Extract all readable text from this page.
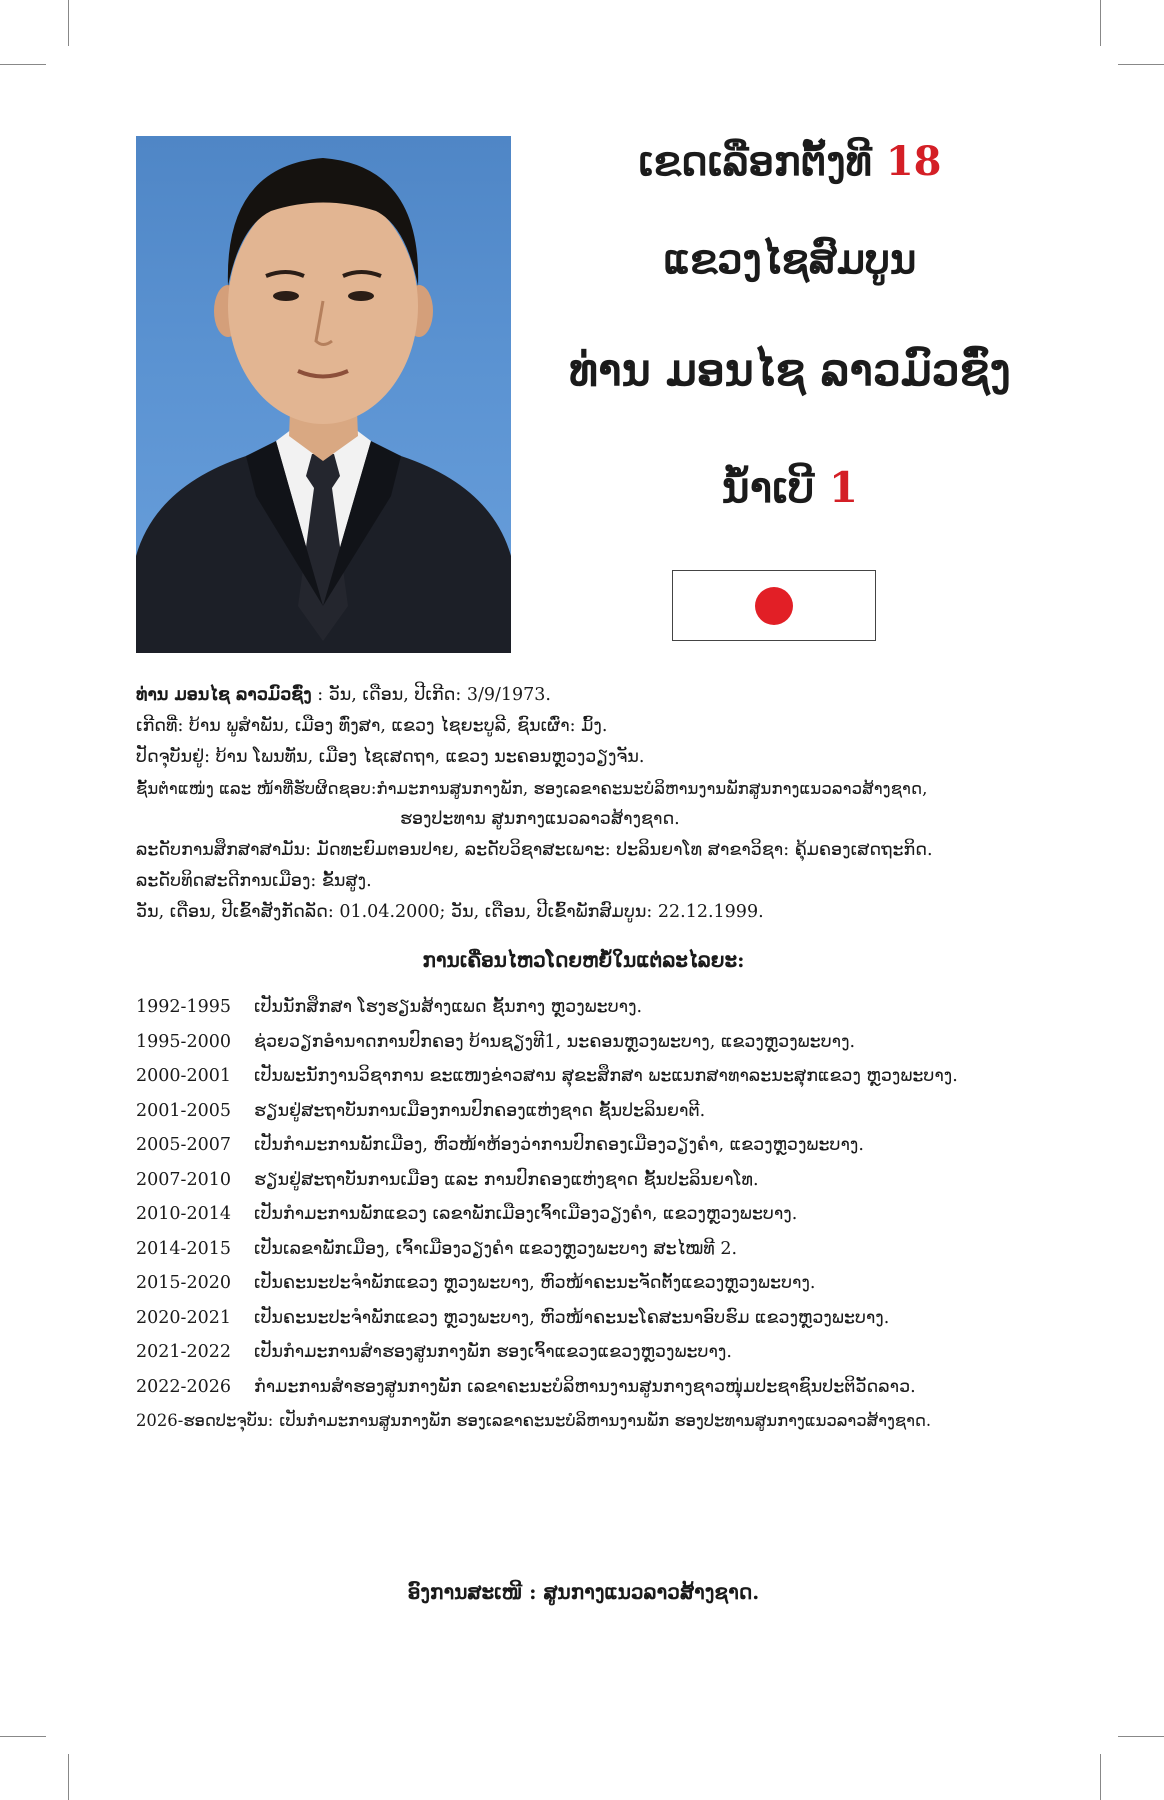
ເຂດເລືອກຕັ້ງທີ 18
ແຂວງໄຊສົມບູນ
ທ່ານ ມອນໄຊ ລາວມົວຊົ່ງ
ນໍ້າເບີ 1
ທ່ານ ມອນໄຊ ລາວມົວຊົ່ງ : ວັນ, ເດືອນ, ປີເກີດ: 3/9/1973.
ເກີດທີ່: ບ້ານ ພູສໍາພັນ, ເມືອງ ທົ່ງສາ, ແຂວງ ໄຊຍະບູລີ, ຊົນເຜົ່າ: ມົ້ງ.
ປັດຈຸບັນຢູ່: ບ້ານ ໂພນທັນ, ເມືອງ ໄຊເສດຖາ, ແຂວງ ນະຄອນຫຼວງວຽງຈັນ.
ຊັ້ນຕໍາແໜ່ງ ແລະ ໜ້າທີ່ຮັບຜິດຊອບ:ກໍາມະການສູນກາງພັກ, ຮອງເລຂາຄະນະບໍລິຫານງານພັກສູນກາງແນວລາວສ້າງຊາດ,
ຮອງປະທານ ສູນກາງແນວລາວສ້າງຊາດ.
ລະດັບການສຶກສາສາມັນ: ມັດທະຍົມຕອນປາຍ, ລະດັບວິຊາສະເພາະ: ປະລິນຍາໂທ ສາຂາວິຊາ: ຄຸ້ມຄອງເສດຖະກິດ.
ລະດັບທິດສະດີການເມືອງ: ຂັ້ນສູງ.
ວັນ, ເດືອນ, ປີເຂົ້າສັງກັດລັດ: 01.04.2000; ວັນ, ເດືອນ, ປີເຂົ້າພັກສົມບູນ: 22.12.1999.
ການເຄື່ອນໄຫວໂດຍຫຍໍ້ໃນແຕ່ລະໄລຍະ:
1992-1995	ເປັນນັກສຶກສາ ໂຮງຮຽນສ້າງແພດ ຊັ້ນກາງ ຫຼວງພະບາງ.
1995-2000	ຊ່ວຍວຽກອໍານາດການປົກຄອງ ບ້ານຊຽງທີ1, ນະຄອນຫຼວງພະບາງ, ແຂວງຫຼວງພະບາງ.
2000-2001	ເປັນພະນັກງານວິຊາການ ຂະແໜງຂ່າວສານ ສຸຂະສຶກສາ ພະແນກສາທາລະນະສຸກແຂວງ ຫຼວງພະບາງ.
2001-2005	ຮຽນຢູ່ສະຖາບັນການເມືອງການປົກຄອງແຫ່ງຊາດ ຊັ້ນປະລິນຍາຕີ.
2005-2007	ເປັນກໍາມະການພັກເມືອງ, ຫົວໜ້າຫ້ອງວ່າການປົກຄອງເມືອງວຽງຄໍາ, ແຂວງຫຼວງພະບາງ.
2007-2010	ຮຽນຢູ່ສະຖາບັນການເມືອງ ແລະ ການປົກຄອງແຫ່ງຊາດ ຊັ້ນປະລິນຍາໂທ.
2010-2014	ເປັນກໍາມະການພັກແຂວງ ເລຂາພັກເມືອງເຈົ້າເມືອງວຽງຄໍາ, ແຂວງຫຼວງພະບາງ.
2014-2015	ເປັນເລຂາພັກເມືອງ, ເຈົ້າເມືອງວຽງຄໍາ ແຂວງຫຼວງພະບາງ ສະໄໝທີ 2.
2015-2020	ເປັນຄະນະປະຈໍາພັກແຂວງ ຫຼວງພະບາງ, ຫົວໜ້າຄະນະຈັດຕັ້ງແຂວງຫຼວງພະບາງ.
2020-2021	ເປັນຄະນະປະຈໍາພັກແຂວງ ຫຼວງພະບາງ, ຫົວໜ້າຄະນະໂຄສະນາອົບຮົມ ແຂວງຫຼວງພະບາງ.
2021-2022	ເປັນກໍາມະການສໍາຮອງສູນກາງພັກ ຮອງເຈົ້າແຂວງແຂວງຫຼວງພະບາງ.
2022-2026	ກໍາມະການສໍາຮອງສູນກາງພັກ ເລຂາຄະນະບໍລິຫານງານສູນກາງຊາວໜຸ່ມປະຊາຊົນປະຕິວັດລາວ.
2026-ຮອດປະຈຸບັນ: ເປັນກໍາມະການສູນກາງພັກ ຮອງເລຂາຄະນະບໍລິຫານງານພັກ ຮອງປະທານສູນກາງແນວລາວສ້າງຊາດ.
ອົງການສະເໜີ : ສູນກາງແນວລາວສ້າງຊາດ.
